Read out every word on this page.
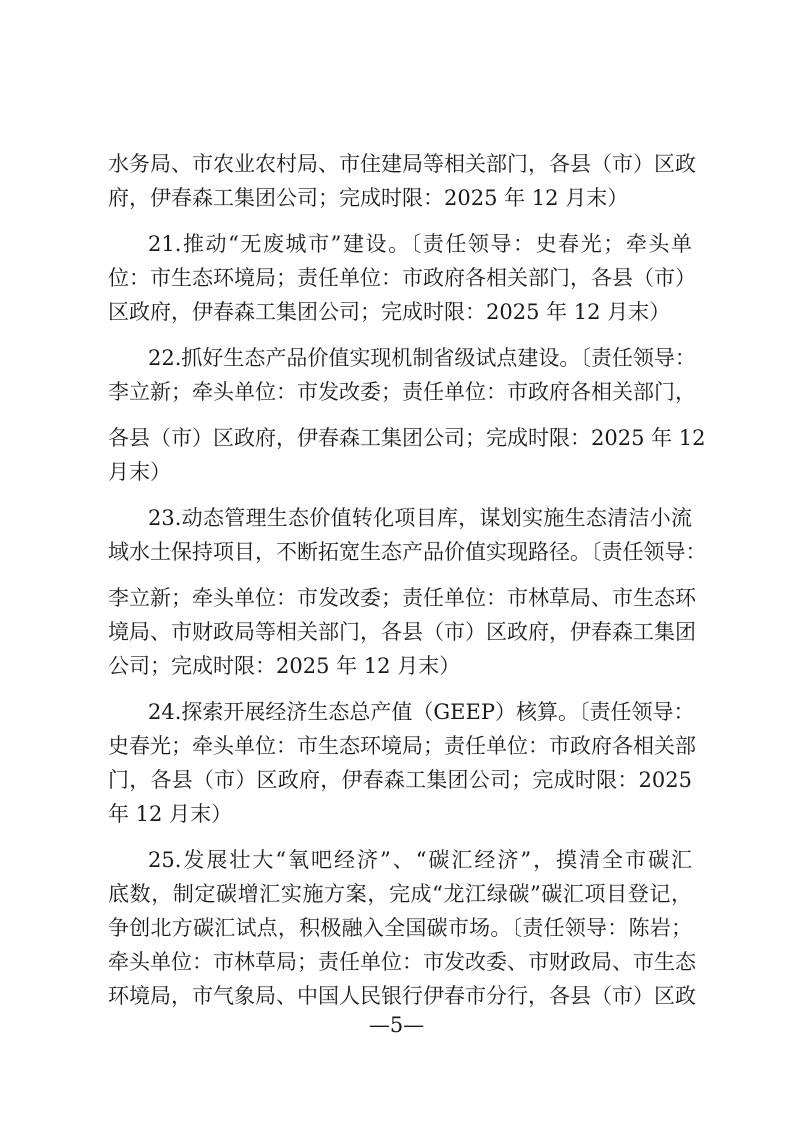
水务局、市农业农村局、市住建局等相关部门，各县（市）区政
府，伊春森工集团公司；完成时限：2025 年 12 月末）
21.推动“无废城市”建设。〔责任领导：史春光；牵头单
位：市生态环境局；责任单位：市政府各相关部门，各县（市）
区政府，伊春森工集团公司；完成时限：2025 年 12 月末）
22.抓好生态产品价值实现机制省级试点建设。〔责任领导：
李立新；牵头单位：市发改委；责任单位：市政府各相关部门，
各县（市）区政府，伊春森工集团公司；完成时限：2025 年 12
月末）
23.动态管理生态价值转化项目库，谋划实施生态清洁小流
域水土保持项目，不断拓宽生态产品价值实现路径。〔责任领导：
李立新；牵头单位：市发改委；责任单位：市林草局、市生态环
境局、市财政局等相关部门，各县（市）区政府，伊春森工集团
公司；完成时限：2025 年 12 月末）
24.探索开展经济生态总产值（GEEP）核算。〔责任领导：
史春光；牵头单位：市生态环境局；责任单位：市政府各相关部
门，各县（市）区政府，伊春森工集团公司；完成时限：2025
年 12 月末）
25.发展壮大“氧吧经济”、“碳汇经济”，摸清全市碳汇
底数，制定碳增汇实施方案，完成“龙江绿碳”碳汇项目登记，
争创北方碳汇试点，积极融入全国碳市场。〔责任领导：陈岩；
牵头单位：市林草局；责任单位：市发改委、市财政局、市生态
环境局，市气象局、中国人民银行伊春市分行，各县（市）区政
—5—
